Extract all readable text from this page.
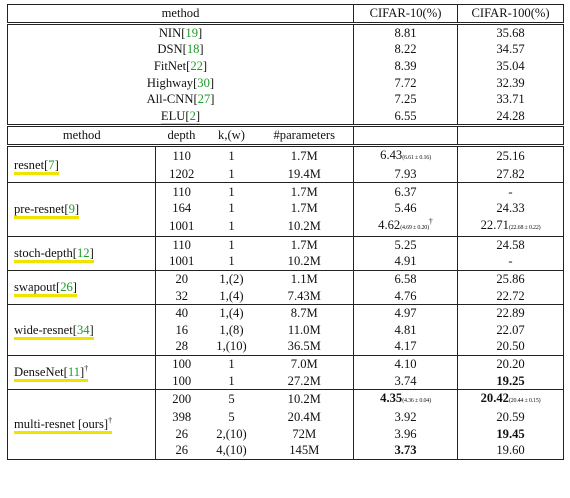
method				CIFAR-10(%)	CIFAR-100(%)
NIN[19]				8.81	35.68
DSN[18]				8.22	34.57
FitNet[22]				8.39	35.04
Highway[30]				7.72	32.39
All-CNN[27]				7.25	33.71
ELU[2]				6.55	24.28
method	depth	k,(w)	#parameters		
resnet[7]	110	1	1.7M	6.43(6.61 ± 0.16)	25.16
	1202	1	19.4M	7.93	27.82
pre-resnet[9]	110	1	1.7M	6.37	-
	164	1	1.7M	5.46	24.33
	1001	1	10.2M	4.62(4.69 ± 0.20)†	22.71(22.68 ± 0.22)
stoch-depth[12]	110	1	1.7M	5.25	24.58
	1001	1	10.2M	4.91	-
swapout[26]	20	1,(2)	1.1M	6.58	25.86
	32	1,(4)	7.43M	4.76	22.72
wide-resnet[34]	40	1,(4)	8.7M	4.97	22.89
	16	1,(8)	11.0M	4.81	22.07
	28	1,(10)	36.5M	4.17	20.50
DenseNet[11]†	100	1	7.0M	4.10	20.20
	100	1	27.2M	3.74	19.25
multi-resnet [ours]†	200	5	10.2M	4.35(4.36 ± 0.04)	20.42(20.44 ± 0.15)
	398	5	20.4M	3.92	20.59
	26	2,(10)	72M	3.96	19.45
	26	4,(10)	145M	3.73	19.60
